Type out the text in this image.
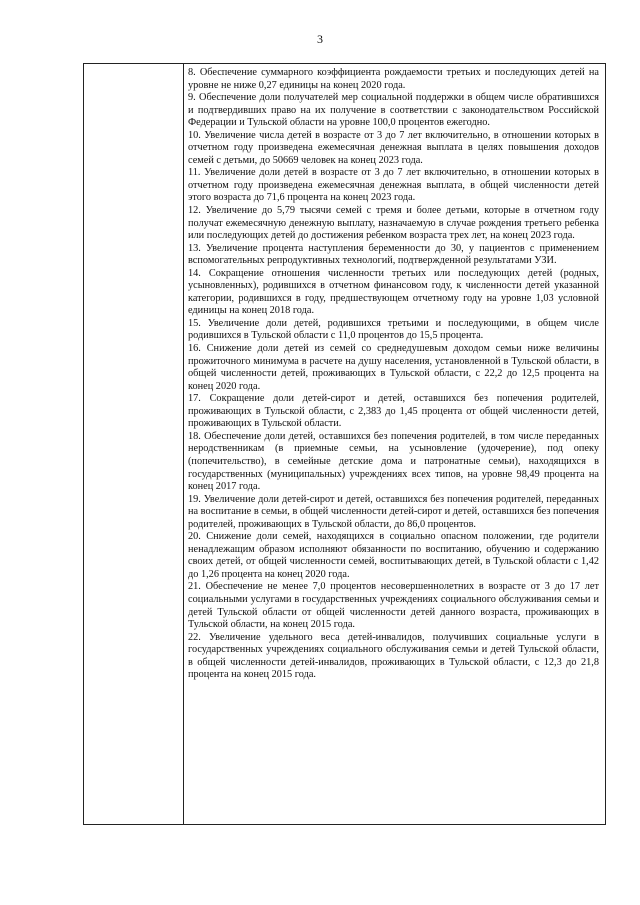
3

8. Обеспечение суммарного коэффициента рождаемости третьих и последующих детей на уровне не ниже 0,27 единицы на конец 2020 года.

9. Обеспечение доли получателей мер социальной поддержки в общем числе обратившихся и подтвердивших право на их получение в соответствии с законодательством Российской Федерации и Тульской области на уровне 100,0 процентов ежегодно.

10. Увеличение числа детей в возрасте от 3 до 7 лет включительно, в отношении которых в отчетном году произведена ежемесячная денежная выплата в целях повышения доходов семей с детьми, до 50669 человек на конец 2023 года.

11. Увеличение доли детей в возрасте от 3 до 7 лет включительно, в отношении которых в отчетном году произведена ежемесячная денежная выплата, в общей численности детей этого возраста до 71,6 процента на конец 2023 года.

12. Увеличение до 5,79 тысячи семей с тремя и более детьми, которые в отчетном году получат ежемесячную денежную выплату, назначаемую в случае рождения третьего ребенка или последующих детей до достижения ребенком возраста трех лет, на конец 2023 года.

13. Увеличение процента наступления беременности до 30, у пациентов с применением вспомогательных репродуктивных технологий, подтвержденной результатами УЗИ.

14. Сокращение отношения численности третьих или последующих детей (родных, усыновленных), родившихся в отчетном финансовом году, к численности детей указанной категории, родившихся в году, предшествующем отчетному году на уровне 1,03 условной единицы на конец 2018 года.

15. Увеличение доли детей, родившихся третьими и последующими, в общем числе родившихся в Тульской области с 11,0 процентов до 15,5 процента.

16. Снижение доли детей из семей со среднедушевым доходом семьи ниже величины прожиточного минимума в расчете на душу населения, установленной в Тульской области, в общей численности детей, проживающих в Тульской области, с 22,2 до 12,5 процента на конец 2020 года.

17. Сокращение доли детей-сирот и детей, оставшихся без попечения родителей, проживающих в Тульской области, с 2,383 до 1,45 процента от общей численности детей, проживающих в Тульской области.

18. Обеспечение доли детей, оставшихся без попечения родителей, в том числе переданных неродственникам (в приемные семьи, на усыновление (удочерение), под опеку (попечительство), в семейные детские дома и патронатные семьи), находящихся в государственных (муниципальных) учреждениях всех типов, на уровне 98,49 процента на конец 2017 года.

19. Увеличение доли детей-сирот и детей, оставшихся без попечения родителей, переданных на воспитание в семьи, в общей численности детей-сирот и детей, оставшихся без попечения родителей, проживающих в Тульской области, до 86,0 процентов.

20. Снижение доли семей, находящихся в социально опасном положении, где родители ненадлежащим образом исполняют обязанности по воспитанию, обучению и содержанию своих детей, от общей численности семей, воспитывающих детей, в Тульской области с 1,42 до 1,26 процента на конец 2020 года.

21. Обеспечение не менее 7,0 процентов несовершеннолетних в возрасте от 3 до 17 лет социальными услугами в государственных учреждениях социального обслуживания семьи и детей Тульской области от общей численности детей данного возраста, проживающих в Тульской области, на конец 2015 года.

22. Увеличение удельного веса детей-инвалидов, получивших социальные услуги в государственных учреждениях социального обслуживания семьи и детей Тульской области, в общей численности детей-инвалидов, проживающих в Тульской области, с 12,3 до 21,8 процента на конец 2015 года.
